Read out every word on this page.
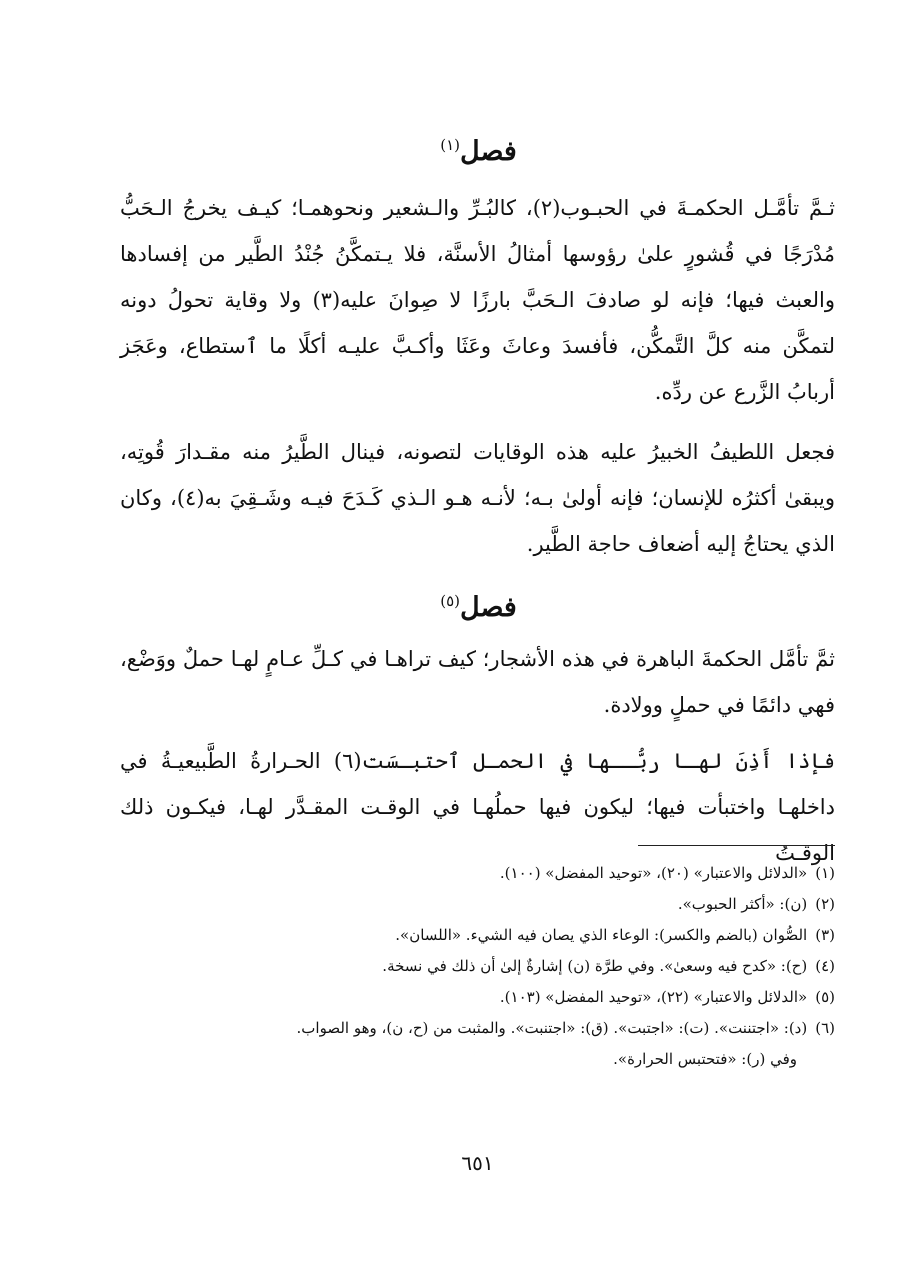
فصل$^{(١)}$

ثـمَّ تأمَّـل الحكمـةَ في الحبـوب(٢)، كالبُـرِّ والـشعير ونحوهمـا؛ كيـف يخرجُ الـحَبُّ مُدْرَجًا في قُشورٍ علىٰ رؤوسها أمثالُ الأسنَّة، فلا يـتمكَّنُ جُنْدُ الطَّير من إفسادها والعبث فيها؛ فإنه لو صادفَ الـحَبَّ بارزًا لا صِوانَ عليه(٣) ولا وقاية تحولُ دونه لتمكَّن منه كلَّ التَّمكُّن، فأفسدَ وعاثَ وعَثَا وأكـبَّ عليـه أكلًا ما ٱستطاع، وعَجَز أربابُ الزَّرع عن ردِّه.

فجعل اللطيفُ الخبيرُ عليه هذه الوقايات لتصونه، فينال الطَّيرُ منه مقـدارَ قُوتِه، ويبقىٰ أكثرُه للإنسان؛ فإنه أولىٰ بـه؛ لأنـه هـو الـذي كَـدَحَ فيـه وشَـقِيَ به(٤)، وكان الذي يحتاجُ إليه أضعاف حاجة الطَّير.

فصل$^{(٥)}$

ثمَّ تأمَّل الحكمةَ الباهرة في هذه الأشجار؛ كيف تراهـا في كـلِّ عـامٍ لهـا حملٌ ووَضْع، فهي دائمًا في حملٍ وولادة.

فإذا أَذِنَ لهـا ربُّــها في الحمـل ٱحتبـسَت(٦) الحـرارةُ الطَّبيعيـةُ في داخلهـا واختبأت فيها؛ ليكون فيها حملُهـا في الوقـت المقـدَّر لهـا، فيكـون ذلك الوقـتُ

(١)«الدلائل والاعتبار» (٢٠)، «توحيد المفضل» (١٠٠).
(٢)(ن): «أكثر الحبوب».
(٣)الصُّوان (بالضم والكسر): الوعاء الذي يصان فيه الشيء. «اللسان».
(٤)(ح): «كدح فيه وسعىٰ». وفي طرَّة (ن) إشارةٌ إلىٰ أن ذلك في نسخة.
(٥)«الدلائل والاعتبار» (٢٢)، «توحيد المفضل» (١٠٣).
(٦)(د): «اجتننت». (ت): «اجتبت». (ق): «اجتنبت». والمثبت من (ح، ن)، وهو الصواب.
وفي (ر): «فتحتبس الحرارة».
٦٥١
